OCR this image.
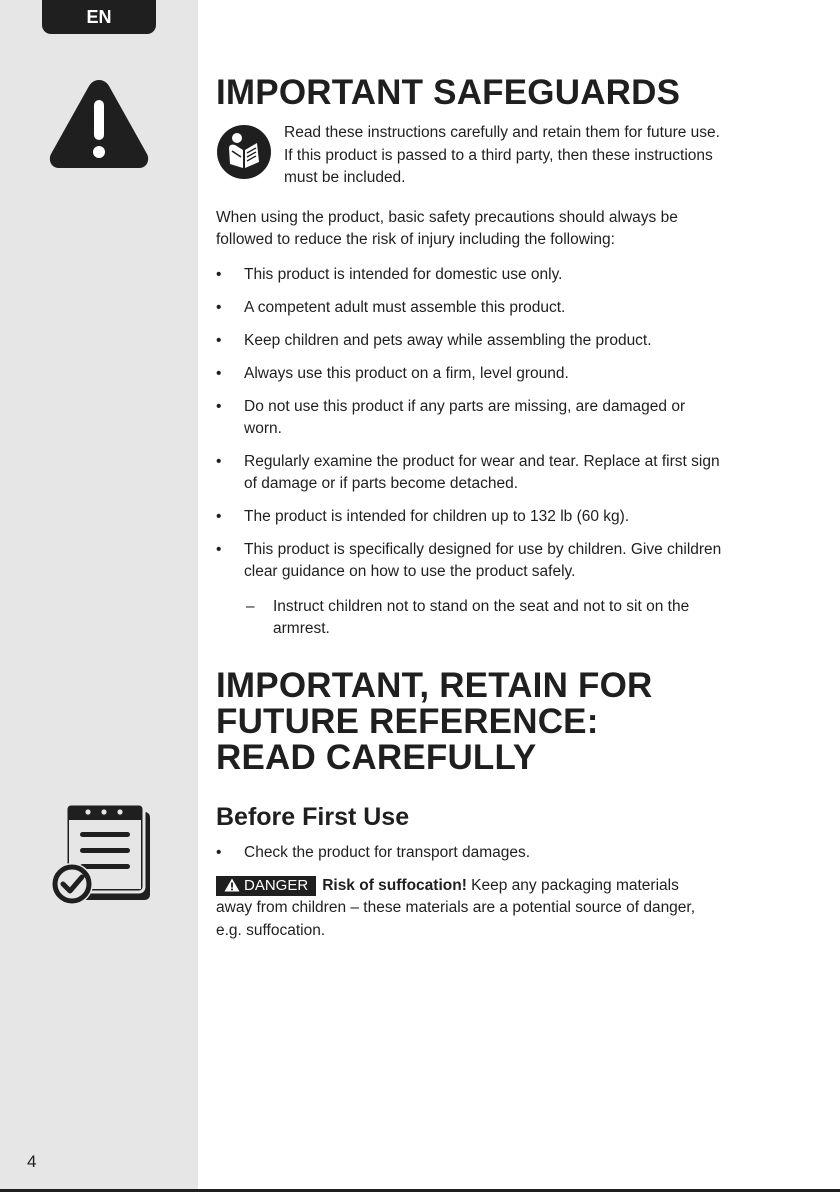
EN
4
IMPORTANT SAFEGUARDS
Read these instructions carefully and retain them for future use.
If this product is passed to a third party, then these instructions
must be included.
When using the product, basic safety precautions should always be
followed to reduce the risk of injury including the following:
• This product is intended for domestic use only.
• A competent adult must assemble this product.
• Keep children and pets away while assembling the product.
• Always use this product on a firm, level ground.
• Do not use this product if any parts are missing, are damaged or
worn.
• Regularly examine the product for wear and tear. Replace at first sign
of damage or if parts become detached.
• The product is intended for children up to 132 lb (60 kg).
• This product is specifically designed for use by children. Give children
clear guidance on how to use the product safely.
– Instruct children not to stand on the seat and not to sit on the
armrest.
IMPORTANT, RETAIN FOR
FUTURE REFERENCE:
READ CAREFULLY
Before First Use
• Check the product for transport damages.
DANGER Risk of suffocation! Keep any packaging materials
away from children – these materials are a potential source of danger,
e.g. suffocation.
